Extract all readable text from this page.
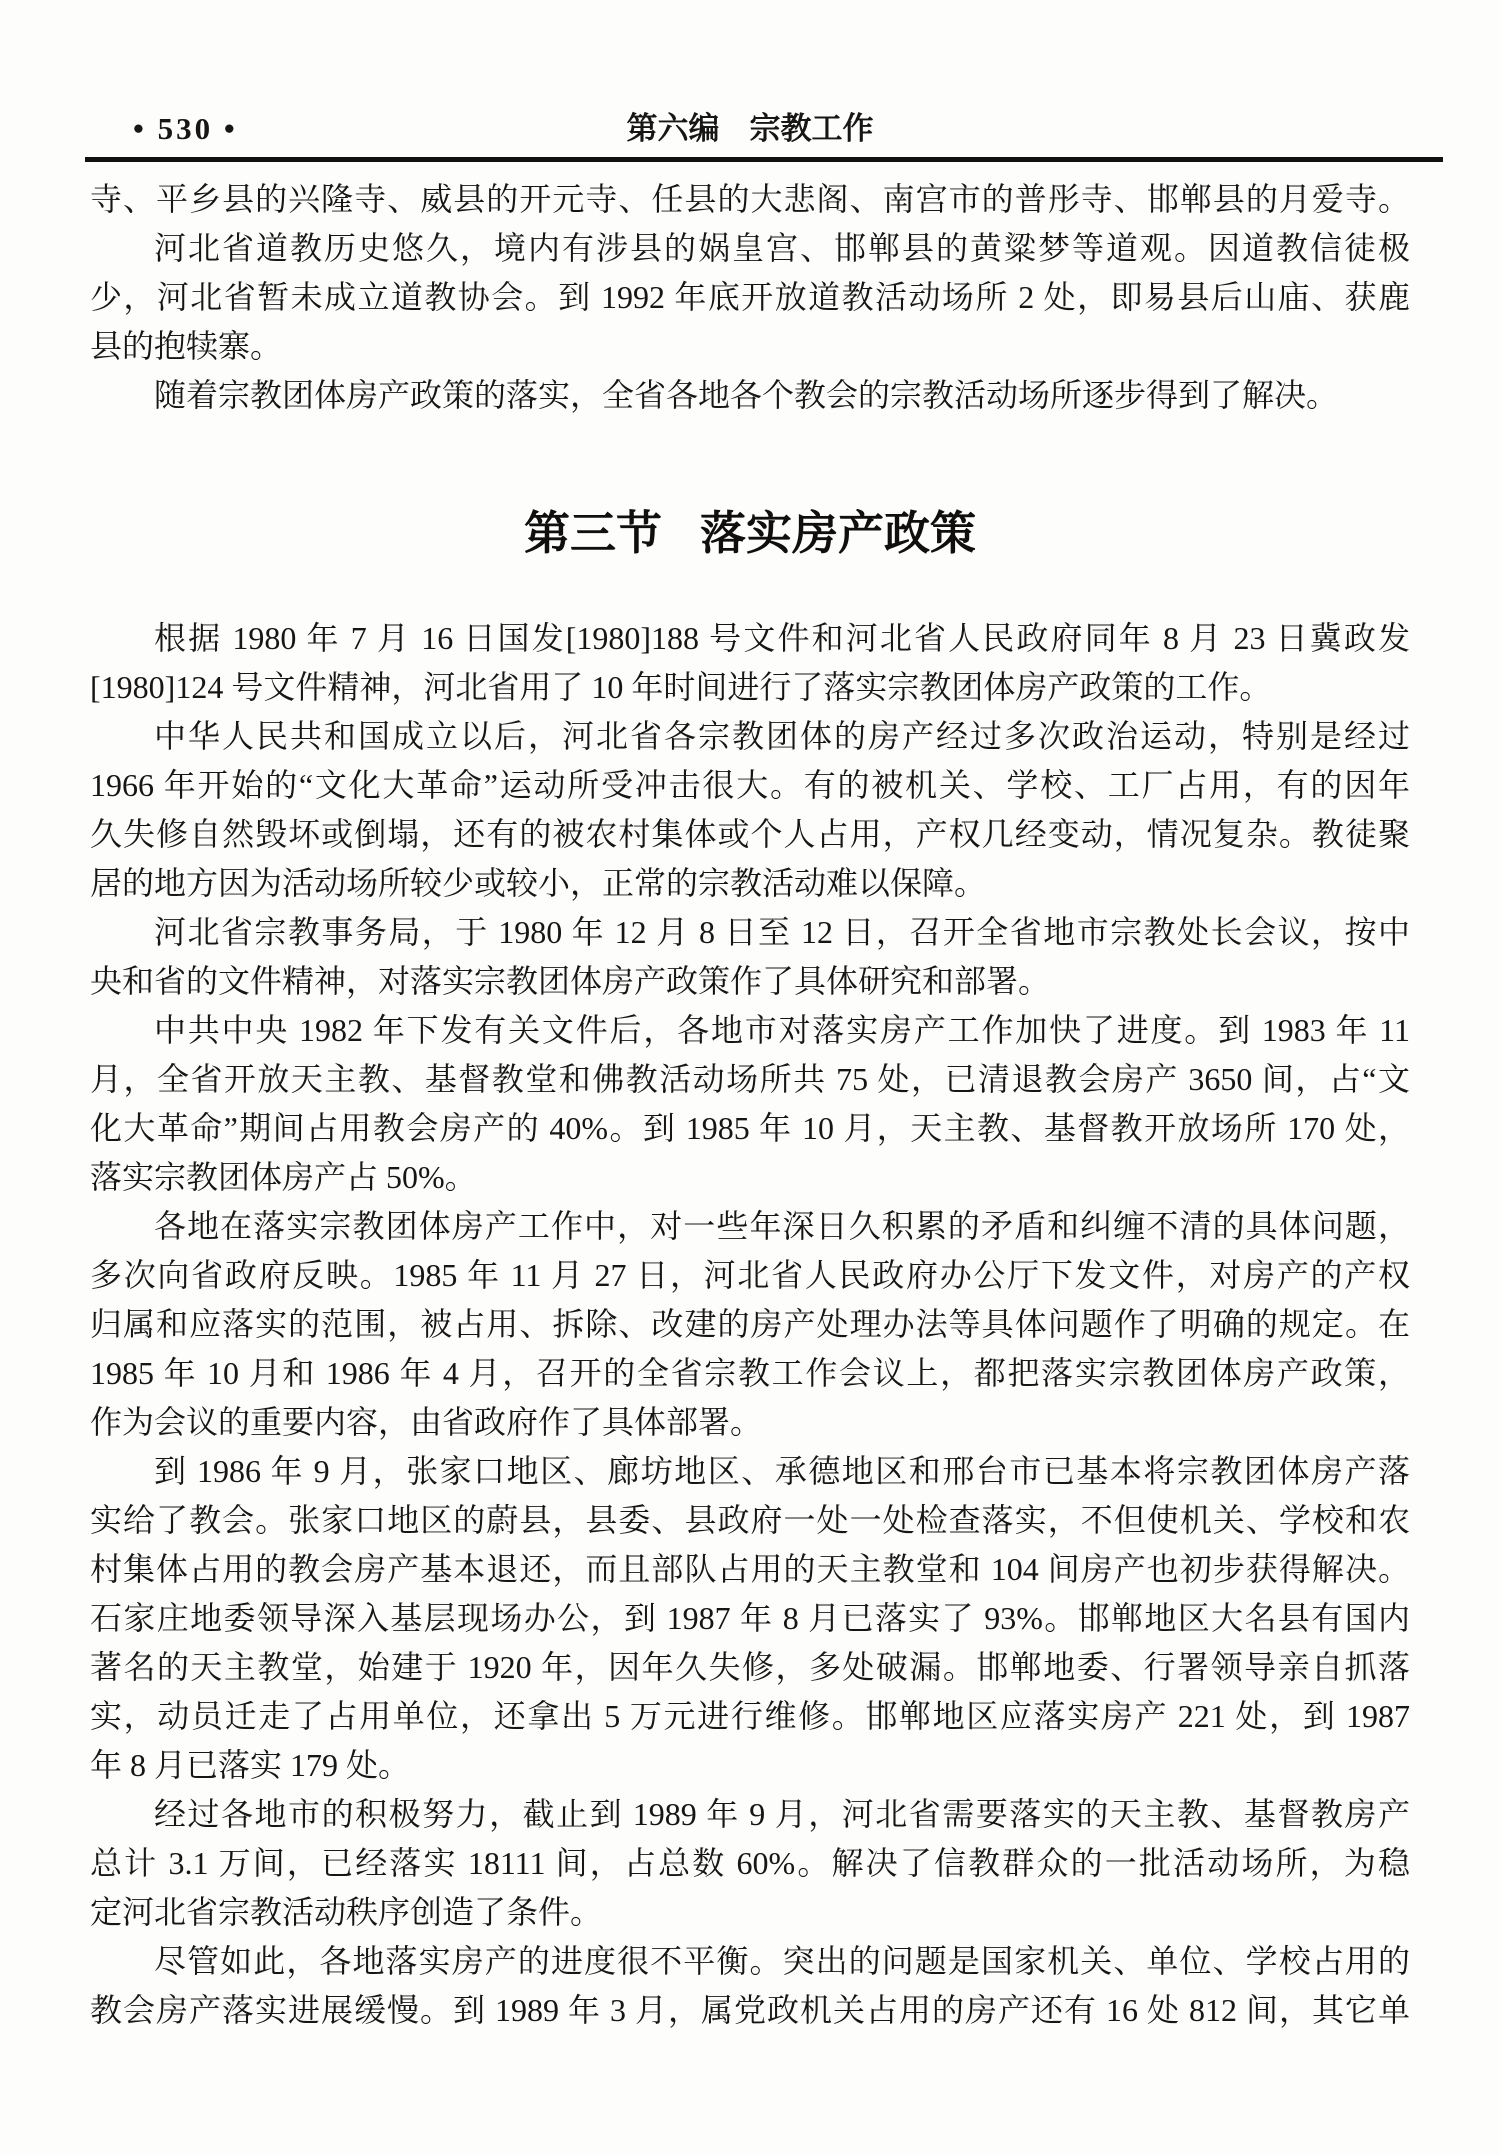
• 530 •	第六编 宗教工作
寺、平乡县的兴隆寺、威县的开元寺、任县的大悲阁、南宫市的普彤寺、邯郸县的月爱寺。
河北省道教历史悠久，境内有涉县的娲皇宫、邯郸县的黄粱梦等道观。因道教信徒极
少，河北省暂未成立道教协会。到 1992 年底开放道教活动场所 2 处，即易县后山庙、获鹿
县的抱犊寨。
随着宗教团体房产政策的落实，全省各地各个教会的宗教活动场所逐步得到了解决。
第三节 落实房产政策
根据 1980 年 7 月 16 日国发[1980]188 号文件和河北省人民政府同年 8 月 23 日冀政发
[1980]124 号文件精神，河北省用了 10 年时间进行了落实宗教团体房产政策的工作。
中华人民共和国成立以后，河北省各宗教团体的房产经过多次政治运动，特别是经过
1966 年开始的“文化大革命”运动所受冲击很大。有的被机关、学校、工厂占用，有的因年
久失修自然毁坏或倒塌，还有的被农村集体或个人占用，产权几经变动，情况复杂。教徒聚
居的地方因为活动场所较少或较小，正常的宗教活动难以保障。
河北省宗教事务局，于 1980 年 12 月 8 日至 12 日，召开全省地市宗教处长会议，按中
央和省的文件精神，对落实宗教团体房产政策作了具体研究和部署。
中共中央 1982 年下发有关文件后，各地市对落实房产工作加快了进度。到 1983 年 11
月，全省开放天主教、基督教堂和佛教活动场所共 75 处，已清退教会房产 3650 间，占“文
化大革命”期间占用教会房产的 40%。到 1985 年 10 月，天主教、基督教开放场所 170 处，
落实宗教团体房产占 50%。
各地在落实宗教团体房产工作中，对一些年深日久积累的矛盾和纠缠不清的具体问题，
多次向省政府反映。1985 年 11 月 27 日，河北省人民政府办公厅下发文件，对房产的产权
归属和应落实的范围，被占用、拆除、改建的房产处理办法等具体问题作了明确的规定。在
1985 年 10 月和 1986 年 4 月，召开的全省宗教工作会议上，都把落实宗教团体房产政策，
作为会议的重要内容，由省政府作了具体部署。
到 1986 年 9 月，张家口地区、廊坊地区、承德地区和邢台市已基本将宗教团体房产落
实给了教会。张家口地区的蔚县，县委、县政府一处一处检查落实，不但使机关、学校和农
村集体占用的教会房产基本退还，而且部队占用的天主教堂和 104 间房产也初步获得解决。
石家庄地委领导深入基层现场办公，到 1987 年 8 月已落实了 93%。邯郸地区大名县有国内
著名的天主教堂，始建于 1920 年，因年久失修，多处破漏。邯郸地委、行署领导亲自抓落
实，动员迁走了占用单位，还拿出 5 万元进行维修。邯郸地区应落实房产 221 处，到 1987
年 8 月已落实 179 处。
经过各地市的积极努力，截止到 1989 年 9 月，河北省需要落实的天主教、基督教房产
总计 3.1 万间，已经落实 18111 间，占总数 60%。解决了信教群众的一批活动场所，为稳
定河北省宗教活动秩序创造了条件。
尽管如此，各地落实房产的进度很不平衡。突出的问题是国家机关、单位、学校占用的
教会房产落实进展缓慢。到 1989 年 3 月，属党政机关占用的房产还有 16 处 812 间，其它单
